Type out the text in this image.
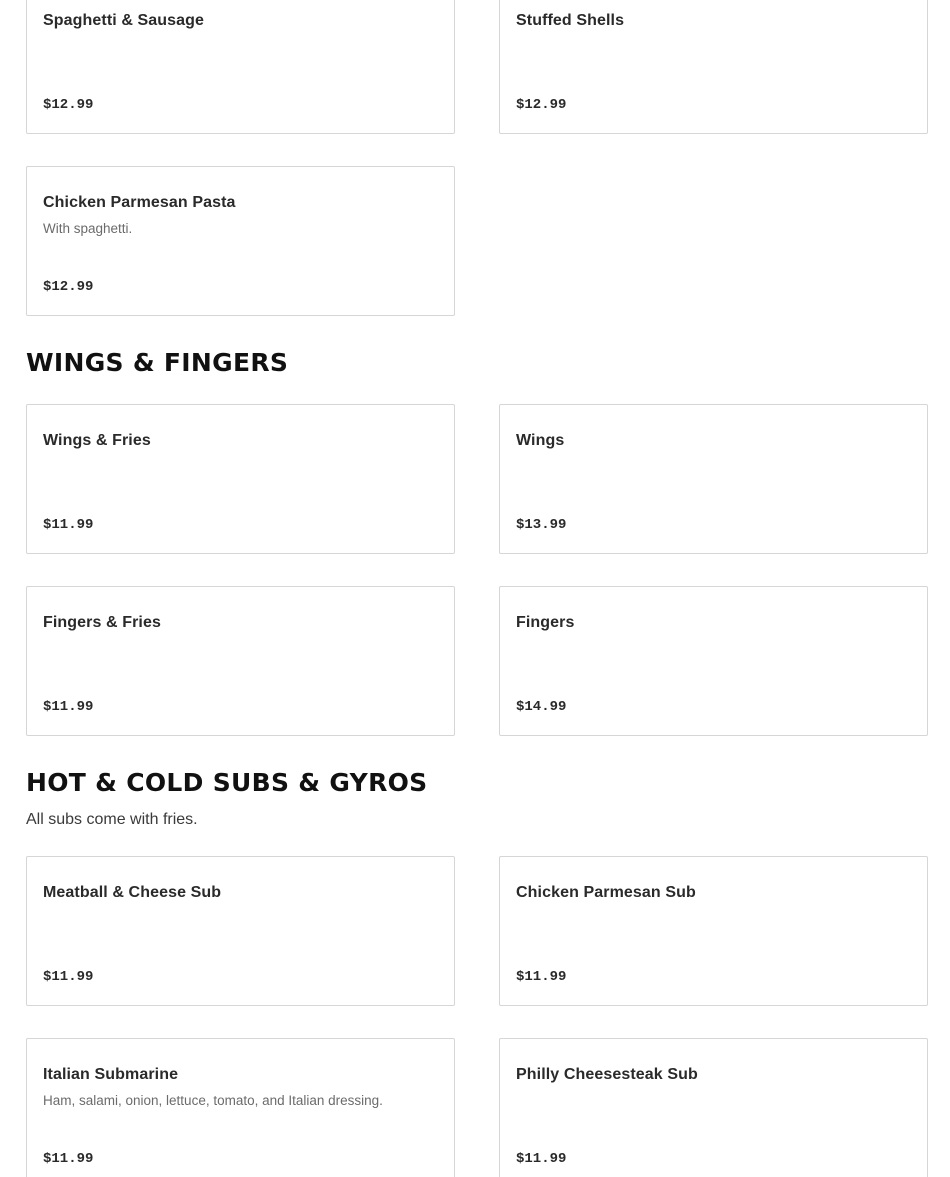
Spaghetti & Sausage
$12.99
Stuffed Shells
$12.99
Chicken Parmesan Pasta
With spaghetti.
$12.99
WINGS & FINGERS
Wings & Fries
$11.99
Wings
$13.99
Fingers & Fries
$11.99
Fingers
$14.99
HOT & COLD SUBS & GYROS

All subs come with fries.

Meatball & Cheese Sub
$11.99
Chicken Parmesan Sub
$11.99
Italian Submarine
Ham, salami, onion, lettuce, tomato, and Italian dressing.
$11.99
Philly Cheesesteak Sub
$11.99
